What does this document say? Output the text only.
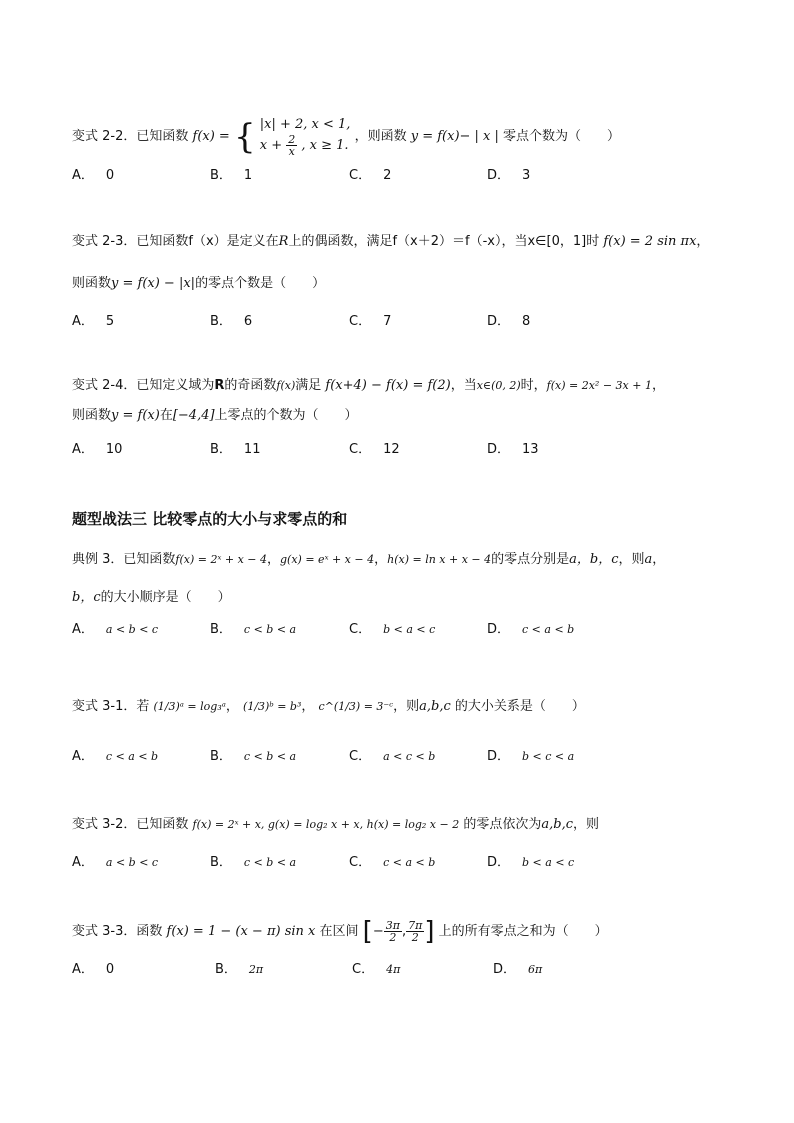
变式 2-2．已知函数 f(x) = { |x| + 2, x < 1,
$x + \frac{2}{x}$ , x ≥ 1.
，则函数 y = f(x)− | x | 零点个数为（　　）
A． 0	B． 1	C． 2	D． 3
变式 2-3．已知函数f（x）是定义在R上的偶函数，满足f（x＋2）＝f（-x），当x∈[0，1]时 f(x) = 2 sin πx，
则函数y = f(x) − |x|的零点个数是（　　）
A． 5	B． 6	C． 7	D． 8
变式 2-4．已知定义域为R的奇函数f(x)满足 f(x+4) − f(x) = f(2)，当x∈(0, 2)时，f(x) = 2x² − 3x + 1，
则函数y = f(x)在[−4,4]上零点的个数为（　　）
A． 10	B． 11	C． 12	D． 13
题型战法三 比较零点的大小与求零点的和
典例 3．已知函数f(x) = 2ˣ + x − 4，g(x) = eˣ + x − 4，h(x) = ln x + x − 4的零点分别是a，b，c，则a，
b，c的大小顺序是（　　）
A． a < b < c	B． c < b < a	C． b < a < c	D． c < a < b
变式 3-1．若 (1/3)ᵃ = log₃ᵃ， (1/3)ᵇ = b³， c^(1/3) = 3⁻ᶜ，则a,b,c 的大小关系是（　　）
A． c < a < b	B． c < b < a	C． a < c < b	D． b < c < a
变式 3-2．已知函数 f(x) = 2ˣ + x, g(x) = log₂ x + x, h(x) = log₂ x − 2 的零点依次为a,b,c，则
A． a < b < c	B． c < b < a	C． c < a < b	D． b < a < c
变式 3-3．函数 f(x) = 1 − (x − π) sin x 在区间 [− $\frac{3\pi}{2}$ , $\frac{7\pi}{2}$ ] 上的所有零点之和为（　　）
A． 0	B． 2π	C． 4π	D． 6π
